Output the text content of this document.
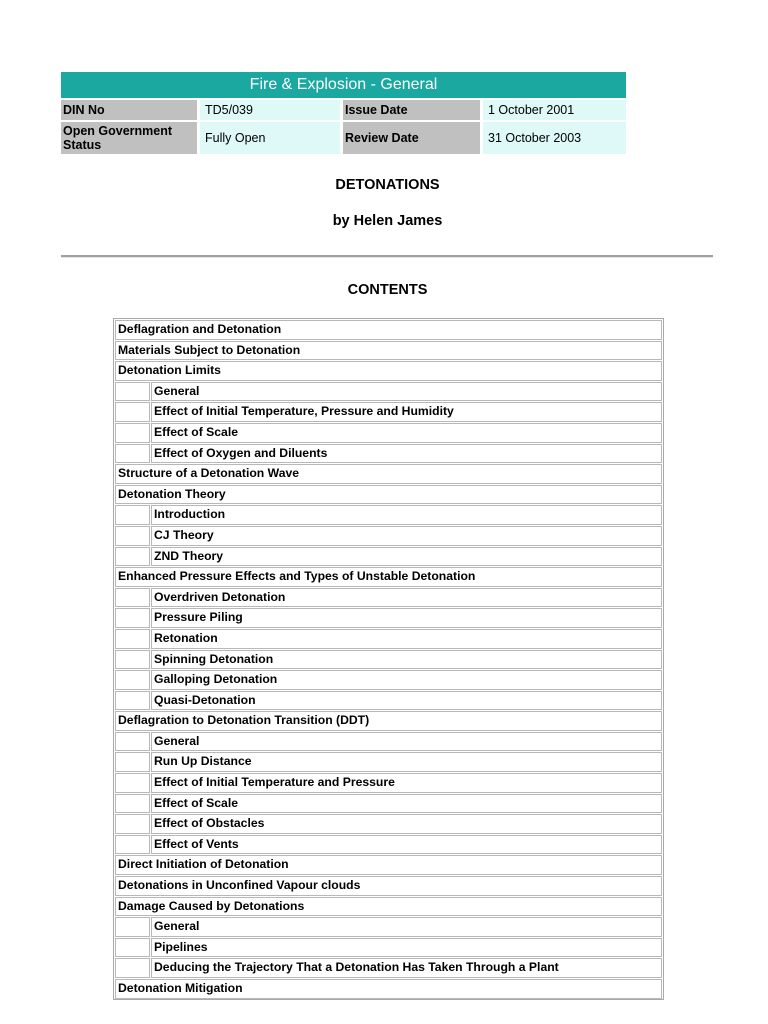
Fire & Explosion - General						

DIN No		TD5/039		Issue Date		1 October 2001

Open Government Status		Fully Open		Review Date		31 October 2003
DETONATIONS
by Helen James
CONTENTS
Deflagration and Detonation
Materials Subject to Detonation
Detonation Limits
General
Effect of Initial Temperature, Pressure and Humidity
Effect of Scale
Effect of Oxygen and Diluents
Structure of a Detonation Wave
Detonation Theory
Introduction
CJ Theory
ZND Theory
Enhanced Pressure Effects and Types of Unstable Detonation
Overdriven Detonation
Pressure Piling
Retonation
Spinning Detonation
Galloping Detonation
Quasi-Detonation
Deflagration to Detonation Transition (DDT)
General
Run Up Distance
Effect of Initial Temperature and Pressure
Effect of Scale
Effect of Obstacles
Effect of Vents
Direct Initiation of Detonation
Detonations in Unconfined Vapour clouds
Damage Caused by Detonations
General
Pipelines
Deducing the Trajectory That a Detonation Has Taken Through a Plant
Detonation Mitigation
